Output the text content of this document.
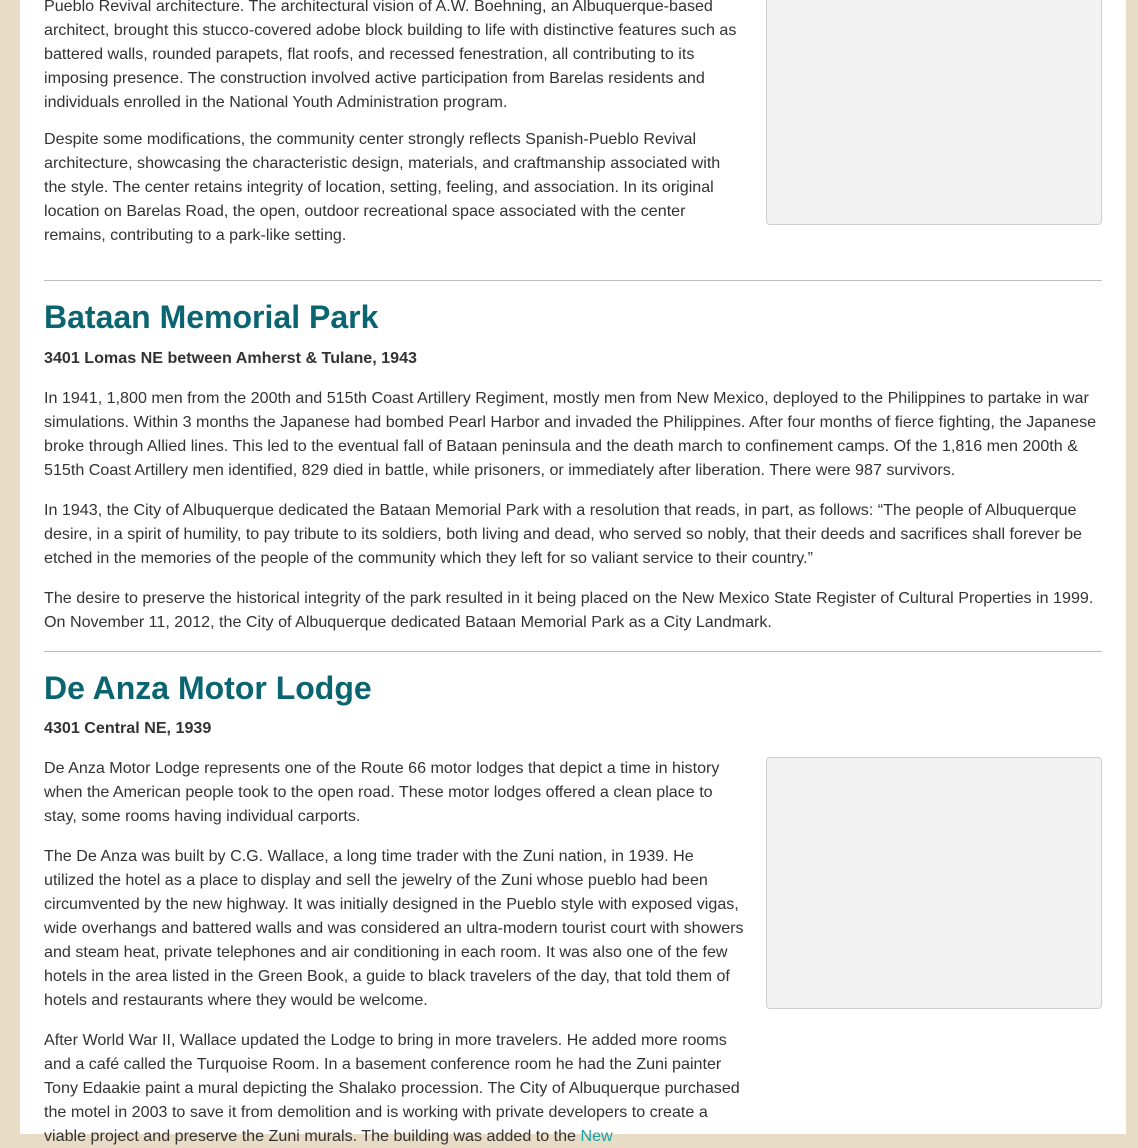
Pueblo Revival architecture. The architectural vision of A.W. Boehning, an Albuquerque-based architect, brought this stucco-covered adobe block building to life with distinctive features such as battered walls, rounded parapets, flat roofs, and recessed fenestration, all contributing to its imposing presence. The construction involved active participation from Barelas residents and individuals enrolled in the National Youth Administration program.

Despite some modifications, the community center strongly reflects Spanish-Pueblo Revival architecture, showcasing the characteristic design, materials, and craftmanship associated with the style. The center retains integrity of location, setting, feeling, and association. In its original location on Barelas Road, the open, outdoor recreational space associated with the center remains, contributing to a park-like setting.

Bataan Memorial Park

3401 Lomas NE between Amherst & Tulane, 1943

In 1941, 1,800 men from the 200th and 515th Coast Artillery Regiment, mostly men from New Mexico, deployed to the Philippines to partake in war simulations. Within 3 months the Japanese had bombed Pearl Harbor and invaded the Philippines. After four months of fierce fighting, the Japanese broke through Allied lines. This led to the eventual fall of Bataan peninsula and the death march to confinement camps. Of the 1,816 men 200th & 515th Coast Artillery men identified, 829 died in battle, while prisoners, or immediately after liberation. There were 987 survivors.

In 1943, the City of Albuquerque dedicated the Bataan Memorial Park with a resolution that reads, in part, as follows: “The people of Albuquerque desire, in a spirit of humility, to pay tribute to its soldiers, both living and dead, who served so nobly, that their deeds and sacrifices shall forever be etched in the memories of the people of the community which they left for so valiant service to their country.”

The desire to preserve the historical integrity of the park resulted in it being placed on the New Mexico State Register of Cultural Properties in 1999. On November 11, 2012, the City of Albuquerque dedicated Bataan Memorial Park as a City Landmark.

De Anza Motor Lodge

4301 Central NE, 1939

De Anza Motor Lodge represents one of the Route 66 motor lodges that depict a time in history when the American people took to the open road. These motor lodges offered a clean place to stay, some rooms having individual carports.

The De Anza was built by C.G. Wallace, a long time trader with the Zuni nation, in 1939. He utilized the hotel as a place to display and sell the jewelry of the Zuni whose pueblo had been circumvented by the new highway. It was initially designed in the Pueblo style with exposed vigas, wide overhangs and battered walls and was considered an ultra-modern tourist court with showers and steam heat, private telephones and air conditioning in each room. It was also one of the few hotels in the area listed in the Green Book, a guide to black travelers of the day, that told them of hotels and restaurants where they would be welcome.

After World War II, Wallace updated the Lodge to bring in more travelers. He added more rooms and a café called the Turquoise Room. In a basement conference room he had the Zuni painter Tony Edaakie paint a mural depicting the Shalako procession. The City of Albuquerque purchased the motel in 2003 to save it from demolition and is working with private developers to create a viable project and preserve the Zuni murals. The building was added to the New
